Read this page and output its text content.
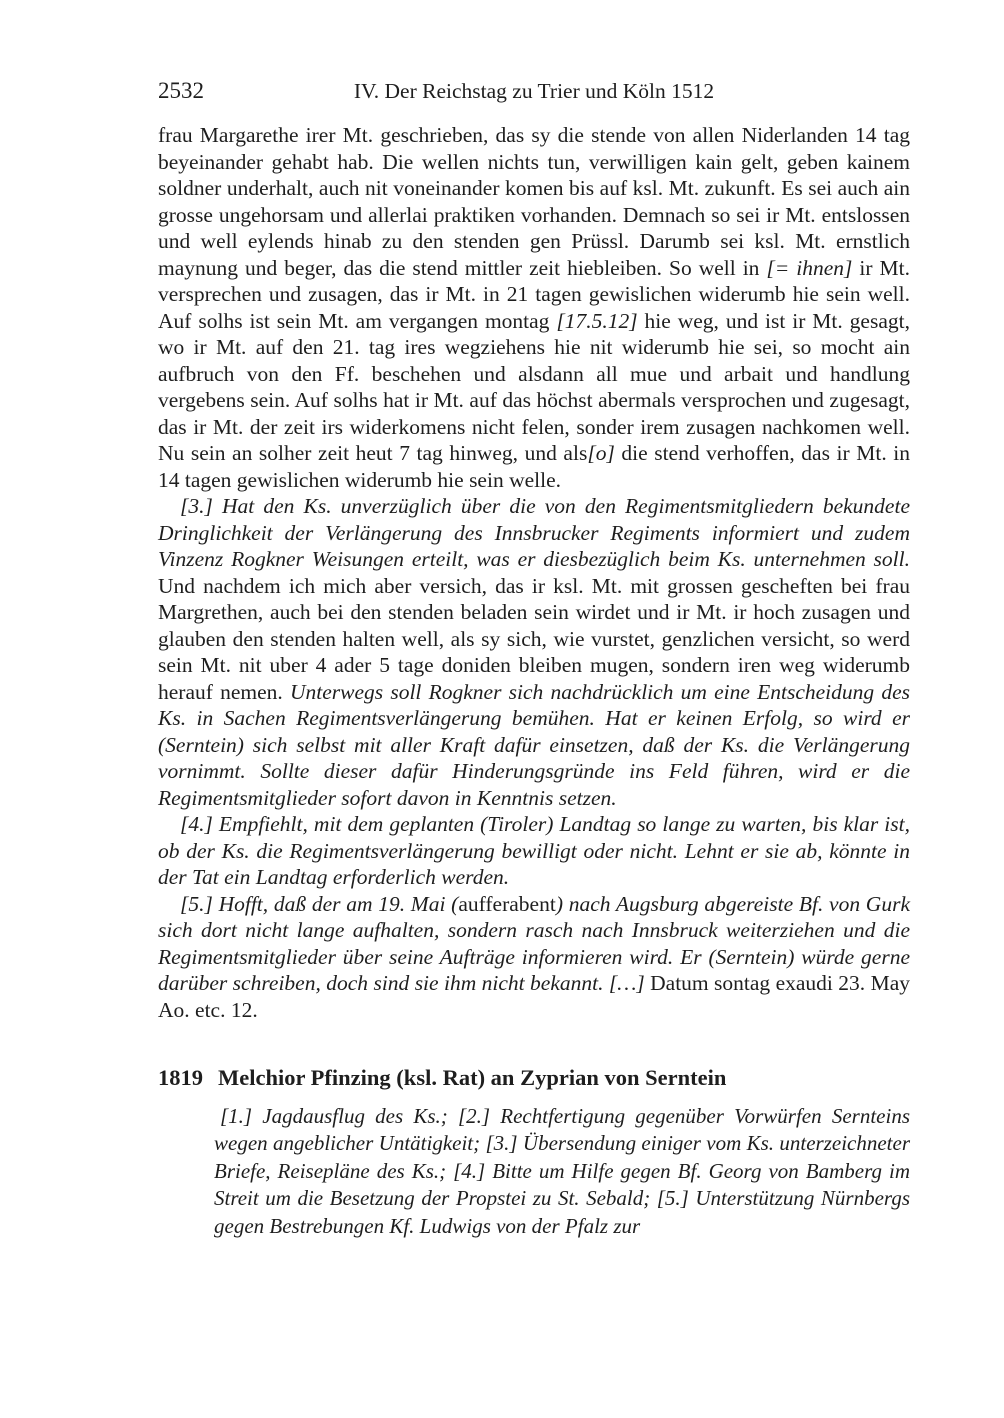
2532	IV. Der Reichstag zu Trier und Köln 1512

frau Margarethe irer Mt. geschrieben, das sy die stende von allen Niderlanden 14 tag beyeinander gehabt hab. Die wellen nichts tun, verwilligen kain gelt, geben kainem soldner underhalt, auch nit voneinander komen bis auf ksl. Mt. zukunft. Es sei auch ain grosse ungehorsam und allerlai praktiken vorhanden. Demnach so sei ir Mt. entslossen und well eylends hinab zu den stenden gen Prüssl. Darumb sei ksl. Mt. ernstlich maynung und beger, das die stend mittler zeit hiebleiben. So well in [= ihnen] ir Mt. versprechen und zusagen, das ir Mt. in 21 tagen gewislichen widerumb hie sein well. Auf solhs ist sein Mt. am vergangen montag [17.5.12] hie weg, und ist ir Mt. gesagt, wo ir Mt. auf den 21. tag ires wegziehens hie nit widerumb hie sei, so mocht ain aufbruch von den Ff. beschehen und alsdann all mue und arbait und handlung vergebens sein. Auf solhs hat ir Mt. auf das höchst abermals versprochen und zugesagt, das ir Mt. der zeit irs widerkomens nicht felen, sonder irem zusagen nachkomen well. Nu sein an solher zeit heut 7 tag hinweg, und als[o] die stend verhoffen, das ir Mt. in 14 tagen gewislichen widerumb hie sein welle.

[3.] Hat den Ks. unverzüglich über die von den Regimentsmitgliedern bekundete Dringlichkeit der Verlängerung des Innsbrucker Regiments informiert und zudem Vinzenz Rogkner Weisungen erteilt, was er diesbezüglich beim Ks. unternehmen soll. Und nachdem ich mich aber versich, das ir ksl. Mt. mit grossen gescheften bei frau Margrethen, auch bei den stenden beladen sein wirdet und ir Mt. ir hoch zusagen und glauben den stenden halten well, als sy sich, wie vurstet, genzlichen versicht, so werd sein Mt. nit uber 4 ader 5 tage doniden bleiben mugen, sondern iren weg widerumb herauf nemen. Unterwegs soll Rogkner sich nachdrücklich um eine Entscheidung des Ks. in Sachen Regimentsverlängerung bemühen. Hat er keinen Erfolg, so wird er (Serntein) sich selbst mit aller Kraft dafür einsetzen, daß der Ks. die Verlängerung vornimmt. Sollte dieser dafür Hinderungsgründe ins Feld führen, wird er die Regimentsmitglieder sofort davon in Kenntnis setzen.

[4.] Empfiehlt, mit dem geplanten (Tiroler) Landtag so lange zu warten, bis klar ist, ob der Ks. die Regimentsverlängerung bewilligt oder nicht. Lehnt er sie ab, könnte in der Tat ein Landtag erforderlich werden.

[5.] Hofft, daß der am 19. Mai (aufferabent) nach Augsburg abgereiste Bf. von Gurk sich dort nicht lange aufhalten, sondern rasch nach Innsbruck weiterziehen und die Regimentsmitglieder über seine Aufträge informieren wird. Er (Serntein) würde gerne darüber schreiben, doch sind sie ihm nicht bekannt. […] Datum sontag exaudi 23. May Ao. etc. 12.

1819 Melchior Pfinzing (ksl. Rat) an Zyprian von Serntein

[1.] Jagdausflug des Ks.; [2.] Rechtfertigung gegenüber Vorwürfen Sernteins wegen angeblicher Untätigkeit; [3.] Übersendung einiger vom Ks. unterzeichneter Briefe, Reisepläne des Ks.; [4.] Bitte um Hilfe gegen Bf. Georg von Bamberg im Streit um die Besetzung der Propstei zu St. Sebald; [5.] Unterstützung Nürnbergs gegen Bestrebungen Kf. Ludwigs von der Pfalz zur
